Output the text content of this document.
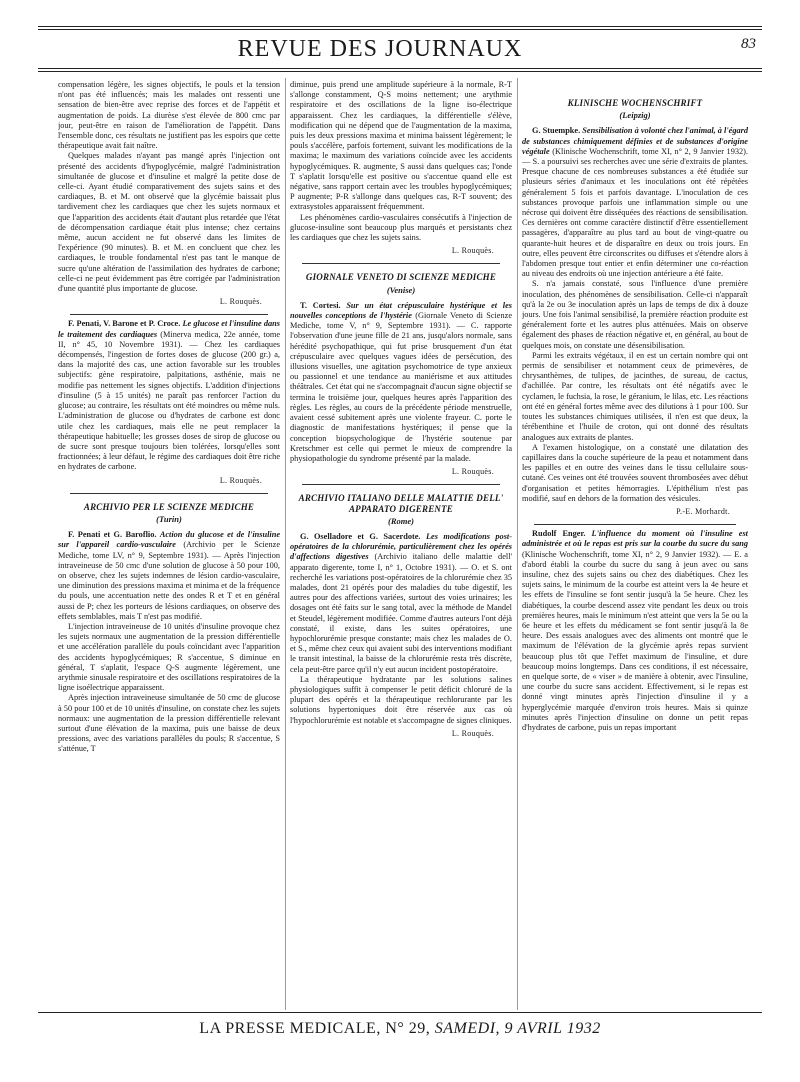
REVUE DES JOURNAUX	83

compensation légère, les signes objectifs, le pouls et la tension n'ont pas été influencés; mais les malades ont ressenti une sensation de bien-être avec reprise des forces et de l'appétit et augmentation de poids. La diurèse s'est élevée de 800 cmc par jour, peut-être en raison de l'amélioration de l'appétit. Dans l'ensemble donc, ces résultats ne justifient pas les espoirs que cette thérapeutique avait fait naître.

Quelques malades n'ayant pas mangé après l'injection ont présenté des accidents d'hypoglycémie, malgré l'administration simultanée de glucose et d'insuline et malgré la petite dose de celle-ci. Ayant étudié comparativement des sujets sains et des cardiaques, B. et M. ont observé que la glycémie baissait plus tardivement chez les cardiaques que chez les sujets normaux et que l'apparition des accidents était d'autant plus retardée que l'état de décompensation cardiaque était plus intense; chez certains même, aucun accident ne fut observé dans les limites de l'expérience (90 minutes). B. et M. en concluent que chez les cardiaques, le trouble fondamental n'est pas tant le manque de sucre qu'une altération de l'assimilation des hydrates de carbone; celle-ci ne peut évidemment pas être corrigée par l'administration d'une quantité plus importante de glucose.

L. Rouquès.

F. Penati, V. Barone et P. Croce. Le glucose et l'insuline dans le traitement des cardiaques (Minerva medica, 22e année, tome II, n° 45, 10 Novembre 1931). — Chez les cardiaques décompensés, l'ingestion de fortes doses de glucose (200 gr.) a, dans la majorité des cas, une action favorable sur les troubles subjectifs: gène respiratoire, palpitations, asthénie, mais ne modifie pas nettement les signes objectifs. L'addition d'injections d'insuline (5 à 15 unités) ne paraît pas renforcer l'action du glucose; au contraire, les résultats ont été moindres ou même nuls. L'administration de glucose ou d'hydrates de carbone est donc utile chez les cardiaques, mais elle ne peut remplacer la thérapeutique habituelle; les grosses doses de sirop de glucose ou de sucre sont presque toujours bien tolérées, lorsqu'elles sont fractionnées; à leur défaut, le régime des cardiaques doit être riche en hydrates de carbone.

L. Rouquès.
ARCHIVIO PER LE SCIENZE MEDICHE
(Turin)

F. Penati et G. Baroflio. Action du glucose et de l'insuline sur l'appareil cardio-vasculaire (Archivio per le Scienze Mediche, tome LV, n° 9, Septembre 1931). — Après l'injection intraveineuse de 50 cmc d'une solution de glucose à 50 pour 100, on observe, chez les sujets indemnes de lésion cardio-vasculaire, une diminution des pressions maxima et minima et de la fréquence du pouls, une accentuation nette des ondes R et T et en général aussi de P; chez les porteurs de lésions cardiaques, on observe des effets semblables, mais T n'est pas modifié.

L'injection intraveineuse de 10 unités d'insuline provoque chez les sujets normaux une augmentation de la pression différentielle et une accélération parallèle du pouls coïncidant avec l'apparition des accidents hypoglycémiques; R s'accentue, S diminue en général, T s'aplatit, l'espace Q-S augmente légèrement, une arythmie sinusale respiratoire et des oscillations respiratoires de la ligne isoélectrique apparaissent.

Après injection intraveineuse simultanée de 50 cmc de glucose à 50 pour 100 et de 10 unités d'insuline, on constate chez les sujets normaux: une augmentation de la pression différentielle relevant surtout d'une élévation de la maxima, puis une baisse de deux pressions, avec des variations parallèles du pouls; R s'accentue, S s'atténue, T

diminue, puis prend une amplitude supérieure à la normale, R-T s'allonge constamment, Q-S moins nettement; une arythmie respiratoire et des oscillations de la ligne iso-électrique apparaissent. Chez les cardiaques, la différentielle s'élève, modification qui ne dépend que de l'augmentation de la maxima, puis les deux pressions maxima et minima baissent légèrement; le pouls s'accélère, parfois fortement, suivant les modifications de la maxima; le maximum des variations coïncide avec les accidents hypoglycémiques. R. augmente, S aussi dans quelques cas; l'onde T s'aplatit lorsqu'elle est positive ou s'accentue quand elle est négative, sans rapport certain avec les troubles hypoglycémiques; P augmente; P-R s'allonge dans quelques cas, R-T souvent; des extrasystoles apparaissent fréquemment.

Les phénomènes cardio-vasculaires consécutifs à l'injection de glucose-insuline sont beaucoup plus marqués et persistants chez les cardiaques que chez les sujets sains.

L. Rouquès.
GIORNALE VENETO DI SCIENZE MEDICHE
(Venise)

T. Cortesi. Sur un état crépusculaire hystérique et les nouvelles conceptions de l'hystérie (Giornale Veneto di Scienze Mediche, tome V, n° 9, Septembre 1931). — C. rapporte l'observation d'une jeune fille de 21 ans, jusqu'alors normale, sans hérédité psychopathique, qui fut prise brusquement d'un état crépusculaire avec quelques vagues idées de persécution, des illusions visuelles, une agitation psychomotrice de type anxieux ou passionnel et une tendance au maniérisme et aux attitudes théâtrales. Cet état qui ne s'accompagnait d'aucun signe objectif se termina le troisième jour, quelques heures après l'apparition des règles. Les règles, au cours de la précédente période menstruelle, avaient cessé subitement après une violente frayeur. C. porte le diagnostic de manifestations hystériques; il pense que la conception biopsychologique de l'hystérie soutenue par Kretschmer est celle qui permet le mieux de comprendre la physiopathologie du syndrome présenté par la malade.

L. Rouquès.
ARCHIVIO ITALIANO DELLE MALATTIE DELL' APPARATO DIGERENTE
(Rome)

G. Oselladore et G. Sacerdote. Les modifications post-opératoires de la chlorurémie, particulièrement chez les opérés d'affections digestives (Archivio italiano delle malattie dell' apparato digerente, tome I, n° 1, Octobre 1931). — O. et S. ont recherché les variations post-opératoires de la chlorurémie chez 35 malades, dont 21 opérés pour des maladies du tube digestif, les autres pour des affections variées, surtout des voies urinaires; les dosages ont été faits sur le sang total, avec la méthode de Mandel et Steudel, légèrement modifiée. Comme d'autres auteurs l'ont déjà constaté, il existe, dans les suites opératoires, une hypochlorurémie presque constante; mais chez les malades de O. et S., même chez ceux qui avaient subi des interventions modifiant le transit intestinal, la baisse de la chlorurémie resta très discrète, cela peut-être parce qu'il n'y eut aucun incident postopératoire.

La thérapeutique hydratante par les solutions salines physiologiques suffit à compenser le petit déficit chloruré de la plupart des opérés et la thérapeutique rechlorurante par les solutions hypertoniques doit être réservée aux cas où l'hypochlorurémie est notable et s'accompagne de signes cliniques.

L. Rouquès.
KLINISCHE WOCHENSCHRIFT
(Leipzig)

G. Stuempke. Sensibilisation à volonté chez l'animal, à l'égard de substances chimiquement définies et de substances d'origine végétale (Klinische Wochenschrift, tome XI, n° 2, 9 Janvier 1932). — S. a poursuivi ses recherches avec une série d'extraits de plantes. Presque chacune de ces nombreuses substances a été étudiée sur plusieurs séries d'animaux et les inoculations ont été répétées généralement 5 fois et parfois davantage. L'inoculation de ces substances provoque parfois une inflammation simple ou une nécrose qui doivent être disséquées des réactions de sensibilisation. Ces dernières ont comme caractère distinctif d'être essentiellement passagères, d'apparaître au plus tard au bout de vingt-quatre ou quarante-huit heures et de disparaître en deux ou trois jours. En outre, elles peuvent être circonscrites ou diffuses et s'étendre alors à l'abdomen presque tout entier et enfin déterminer une co-réaction au niveau des endroits où une injection antérieure a été faite.

S. n'a jamais constaté, sous l'influence d'une première inoculation, des phénomènes de sensibilisation. Celle-ci n'apparaît qu'à la 2e ou 3e inoculation après un laps de temps de dix à douze jours. Une fois l'animal sensibilisé, la première réaction produite est généralement forte et les autres plus atténuées. Mais on observe également des phases de réaction négative et, en général, au bout de quelques mois, on constate une désensibilisation.

Parmi les extraits végétaux, il en est un certain nombre qui ont permis de sensibiliser et notamment ceux de primevères, de chrysanthèmes, de tulipes, de jacinthes, de sureau, de cactus, d'achillée. Par contre, les résultats ont été négatifs avec le cyclamen, le fuchsia, la rose, le géranium, le lilas, etc. Les réactions ont été en général fortes même avec des dilutions à 1 pour 100. Sur toutes les substances chimiques utilisées, il n'en est que deux, la térébenthine et l'huile de croton, qui ont donné des résultats analogues aux extraits de plantes.

A l'examen histologique, on a constaté une dilatation des capillaires dans la couche supérieure de la peau et notamment dans les papilles et en outre des veines dans le tissu cellulaire sous-cutané. Ces veines ont été trouvées souvent thrombosées avec début d'organisation et petites hémorragies. L'épithélium n'est pas modifié, sauf en dehors de la formation des vésicules.

P.-E. Morhardt.

Rudolf Enger. L'influence du moment où l'insuline est administrée et où le repas est pris sur la courbe du sucre du sang (Klinische Wochenschrift, tome XI, n° 2, 9 Janvier 1932). — E. a d'abord établi la courbe du sucre du sang à jeun avec ou sans insuline, chez des sujets sains ou chez des diabétiques. Chez les sujets sains, le minimum de la courbe est atteint vers la 4e heure et les effets de l'insuline se font sentir jusqu'à la 5e heure. Chez les diabétiques, la courbe descend assez vite pendant les deux ou trois premières heures, mais le minimum n'est atteint que vers la 5e ou la 6e heure et les effets du médicament se font sentir jusqu'à la 8e heure. Des essais analogues avec des aliments ont montré que le maximum de l'élévation de la glycémie après repas survient beaucoup plus tôt que l'effet maximum de l'insuline, et dure beaucoup moins longtemps. Dans ces conditions, il est nécessaire, en quelque sorte, de « viser » de manière à obtenir, avec l'insuline, une courbe du sucre sans accident. Effectivement, si le repas est donné vingt minutes après l'injection d'insuline il y a hyperglycémie marquée d'environ trois heures. Mais si quinze minutes après l'injection d'insuline on donne un petit repas d'hydrates de carbone, puis un repas important

LA PRESSE MEDICALE, N° 29, SAMEDI, 9 AVRIL 1932
